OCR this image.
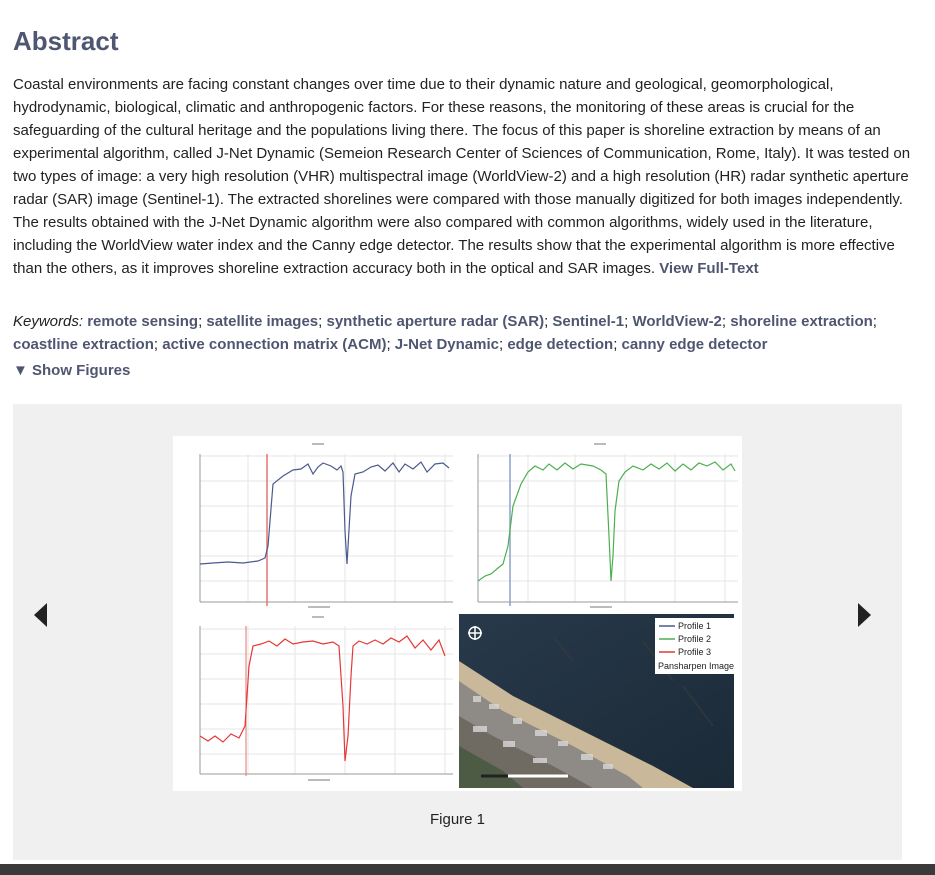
Abstract
Coastal environments are facing constant changes over time due to their dynamic nature and geological, geomorphological, hydrodynamic, biological, climatic and anthropogenic factors. For these reasons, the monitoring of these areas is crucial for the safeguarding of the cultural heritage and the populations living there. The focus of this paper is shoreline extraction by means of an experimental algorithm, called J-Net Dynamic (Semeion Research Center of Sciences of Communication, Rome, Italy). It was tested on two types of image: a very high resolution (VHR) multispectral image (WorldView-2) and a high resolution (HR) radar synthetic aperture radar (SAR) image (Sentinel-1). The extracted shorelines were compared with those manually digitized for both images independently. The results obtained with the J-Net Dynamic algorithm were also compared with common algorithms, widely used in the literature, including the WorldView water index and the Canny edge detector. The results show that the experimental algorithm is more effective than the others, as it improves shoreline extraction accuracy both in the optical and SAR images. View Full-Text
Keywords: remote sensing; satellite images; synthetic aperture radar (SAR); Sentinel-1; WorldView-2; shoreline extraction; coastline extraction; active connection matrix (ACM); J-Net Dynamic; edge detection; canny edge detector
▼ Show Figures
Profile 1
Profile 2
Profile 3
Pansharpen Image
Figure 1
